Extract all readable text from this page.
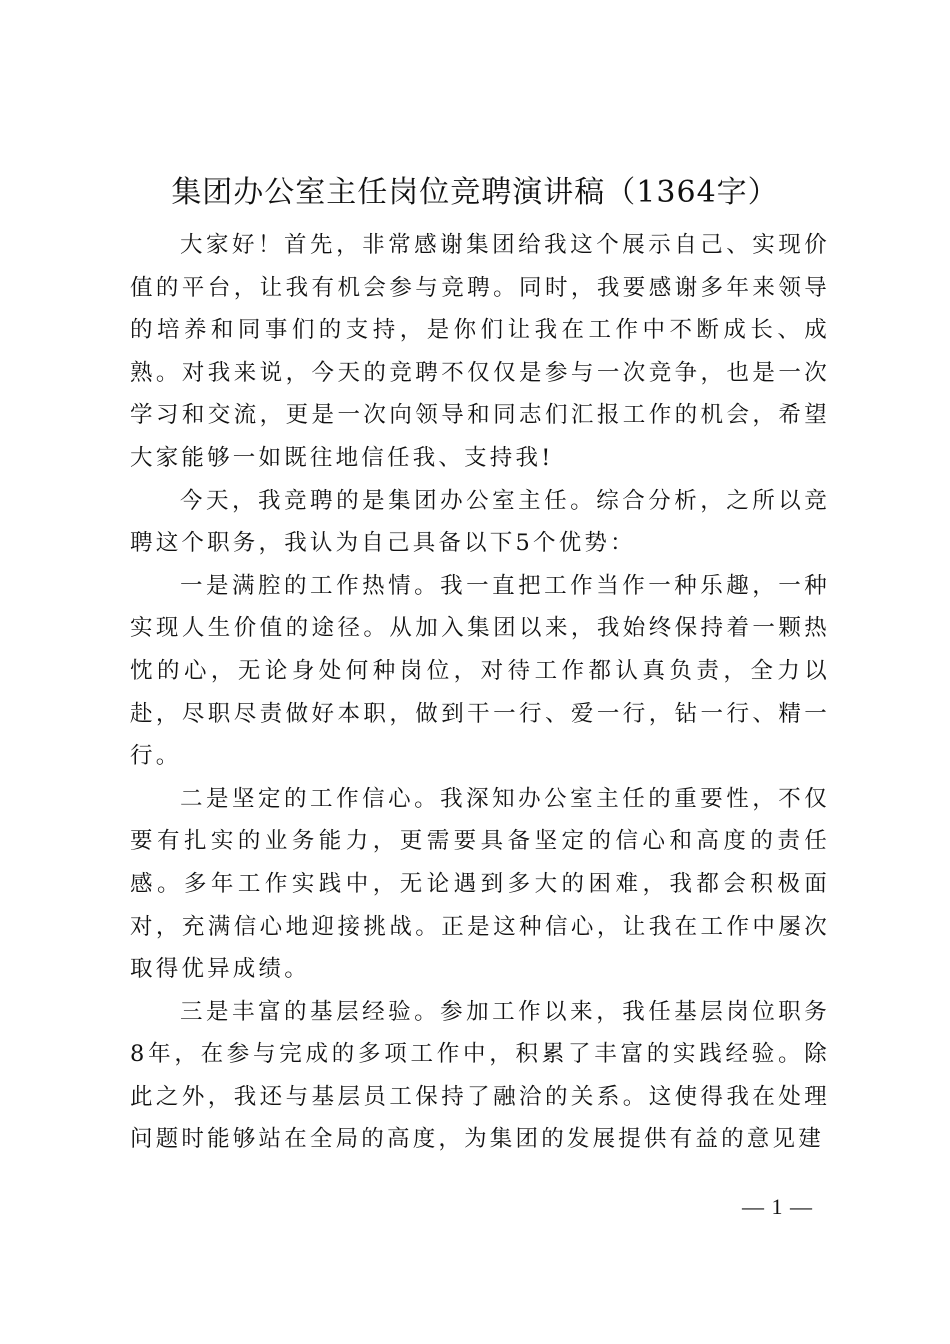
集团办公室主任岗位竞聘演讲稿（1364字）

大家好！首先，非常感谢集团给我这个展示自己、实现价值的平台，让我有机会参与竞聘。同时，我要感谢多年来领导的培养和同事们的支持，是你们让我在工作中不断成长、成熟。对我来说，今天的竞聘不仅仅是参与一次竞争，也是一次学习和交流，更是一次向领导和同志们汇报工作的机会，希望大家能够一如既往地信任我、支持我!

今天，我竞聘的是集团办公室主任。综合分析，之所以竞聘这个职务，我认为自己具备以下5个优势：

一是满腔的工作热情。我一直把工作当作一种乐趣，一种实现人生价值的途径。从加入集团以来，我始终保持着一颗热忱的心，无论身处何种岗位，对待工作都认真负责，全力以赴，尽职尽责做好本职，做到干一行、爱一行，钻一行、精一行。

二是坚定的工作信心。我深知办公室主任的重要性，不仅要有扎实的业务能力，更需要具备坚定的信心和高度的责任感。多年工作实践中，无论遇到多大的困难，我都会积极面对，充满信心地迎接挑战。正是这种信心，让我在工作中屡次取得优异成绩。

三是丰富的基层经验。参加工作以来，我任基层岗位职务8年，在参与完成的多项工作中，积累了丰富的实践经验。除此之外，我还与基层员工保持了融洽的关系。这使得我在处理问题时能够站在全局的高度，为集团的发展提供有益的意见建

— 1 —
